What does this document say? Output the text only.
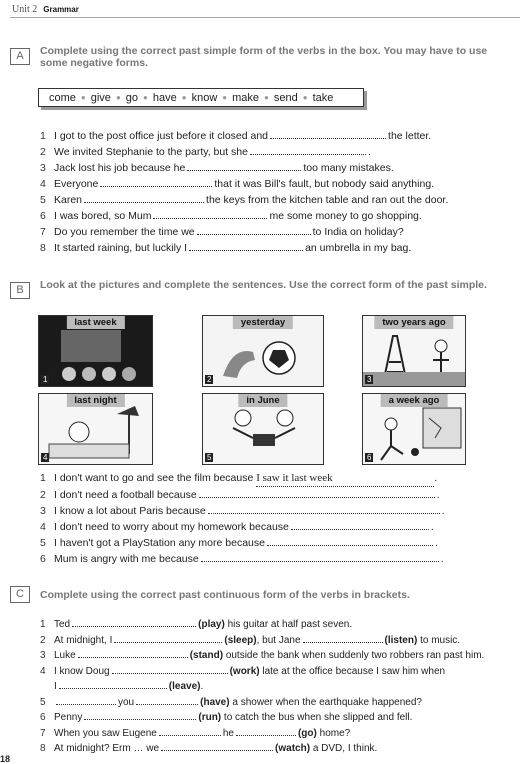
Unit 2 Grammar
A	Complete using the correct past simple form of the verbs in the box. You may have to use some negative forms.
come ● give ● go ● have ● know ● make ● send ● take
1 I got to the post office just before it closed and	the letter.
2 We invited Stephanie to the party, but she	.
3 Jack lost his job because he	too many mistakes.
4 Everyone	that it was Bill's fault, but nobody said anything.
5 Karen	the keys from the kitchen table and ran out the door.
6 I was bored, so Mum	me some money to go shopping.
7 Do you remember the time we	to India on holiday?
8 It started raining, but luckily I	an umbrella in my bag.
B	Look at the pictures and complete the sentences. Use the correct form of the past simple.
last week
1
yesterday
2
two years ago
3
last night
4
in June
5
a week ago
6
1 I don't want to go and see the film because I saw it last week	.
2 I don't need a football because	.
3 I know a lot about Paris because	.
4 I don't need to worry about my homework because	.
5 I haven't got a PlayStation any more because	.
6 Mum is angry with me because	.
C	Complete using the correct past continuous form of the verbs in brackets.
1 Ted	(play) his guitar at half past seven.
2 At midnight, I	(sleep), but Jane	(listen) to music.
3 Luke	(stand) outside the bank when suddenly two robbers ran past him.
4 I know Doug	(work) late at the office because I saw him when
I	(leave).
5	you	(have) a shower when the earthquake happened?
6 Penny	(run) to catch the bus when she slipped and fell.
7 When you saw Eugene	he	(go) home?
8 At midnight? Erm … we	(watch) a DVD, I think.
18
